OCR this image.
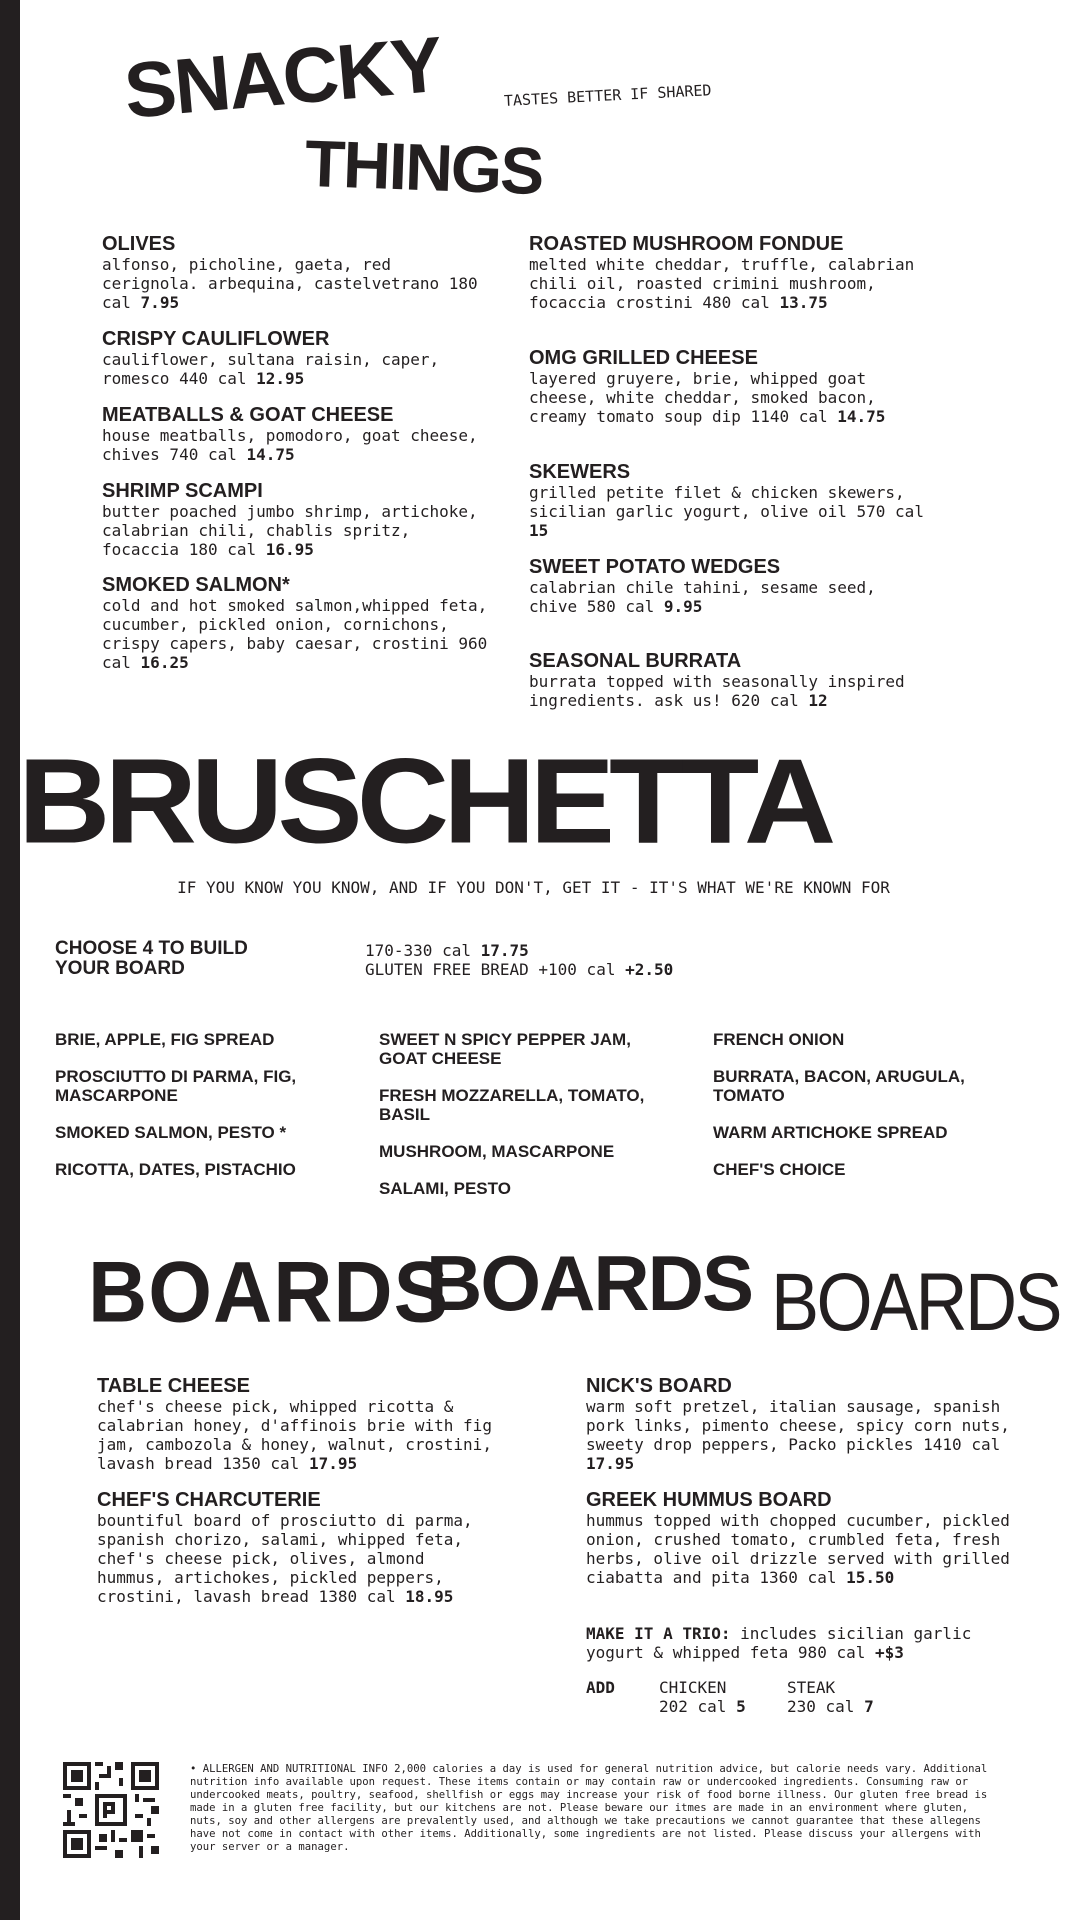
SNACKY
THINGS
TASTES BETTER IF SHARED
OLIVES

alfonso, picholine, gaeta, red cerignola. arbequina, castelvetrano 180 cal 7.95

CRISPY CAULIFLOWER

cauliflower, sultana raisin, caper, romesco 440 cal 12.95

MEATBALLS & GOAT CHEESE

house meatballs, pomodoro, goat cheese, chives 740 cal 14.75

SHRIMP SCAMPI

butter poached jumbo shrimp, artichoke, calabrian chili, chablis spritz, focaccia 180 cal 16.95

SMOKED SALMON*

cold and hot smoked salmon,whipped feta, cucumber, pickled onion, cornichons, crispy capers, baby caesar, crostini 960 cal 16.25

ROASTED MUSHROOM FONDUE

melted white cheddar, truffle, calabrian chili oil, roasted crimini mushroom, focaccia crostini 480 cal 13.75

OMG GRILLED CHEESE

layered gruyere, brie, whipped goat cheese, white cheddar, smoked bacon, creamy tomato soup dip 1140 cal 14.75

SKEWERS

grilled petite filet & chicken skewers, sicilian garlic yogurt, olive oil 570 cal 15

SWEET POTATO WEDGES

calabrian chile tahini, sesame seed, chive 580 cal 9.95

SEASONAL BURRATA

burrata topped with seasonally inspired ingredients. ask us! 620 cal 12

BRUSCHETTA
IF YOU KNOW YOU KNOW, AND IF YOU DON'T, GET IT - IT'S WHAT WE'RE KNOWN FOR
CHOOSE 4 TO BUILD
YOUR BOARD
170-330 cal 17.75
GLUTEN FREE BREAD +100 cal +2.50
BRIE, APPLE, FIG SPREAD
PROSCIUTTO DI PARMA, FIG, MASCARPONE
SMOKED SALMON, PESTO *
RICOTTA, DATES, PISTACHIO
SWEET N SPICY PEPPER JAM, GOAT CHEESE
FRESH MOZZARELLA, TOMATO, BASIL
MUSHROOM, MASCARPONE
SALAMI, PESTO
FRENCH ONION
BURRATA, BACON, ARUGULA, TOMATO
WARM ARTICHOKE SPREAD
CHEF'S CHOICE
BOARDS
BOARDS BOARDS
TABLE CHEESE

chef's cheese pick, whipped ricotta & calabrian honey, d'affinois brie with fig jam, cambozola & honey, walnut, crostini, lavash bread 1350 cal 17.95

CHEF'S CHARCUTERIE

bountiful board of prosciutto di parma, spanish chorizo, salami, whipped feta, chef's cheese pick, olives, almond hummus, artichokes, pickled peppers, crostini, lavash bread 1380 cal 18.95

NICK'S BOARD

warm soft pretzel, italian sausage, spanish pork links, pimento cheese, spicy corn nuts, sweety drop peppers, Packo pickles 1410 cal 17.95

GREEK HUMMUS BOARD

hummus topped with chopped cucumber, pickled onion, crushed tomato, crumbled feta, fresh herbs, olive oil drizzle served with grilled ciabatta and pita 1360 cal 15.50

MAKE IT A TRIO: includes sicilian garlic yogurt & whipped feta 980 cal +$3
ADD	CHICKEN
202 cal 5
STEAK
230 cal 7
• ALLERGEN AND NUTRITIONAL INFO 2,000 calories a day is used for general nutrition advice, but calorie needs vary. Additional nutrition info available upon request. These items contain or may contain raw or undercooked ingredients. Consuming raw or undercooked meats, poultry, seafood, shellfish or eggs may increase your risk of food borne illness. Our gluten free bread is made in a gluten free facility, but our kitchens are not. Please beware our itmes are made in an environment where gluten, nuts, soy and other allergens are prevalently used, and although we take precautions we cannot guarantee that these allegens have not come in contact with other items. Additionally, some ingredients are not listed. Please discuss your allergens with your server or a manager.
